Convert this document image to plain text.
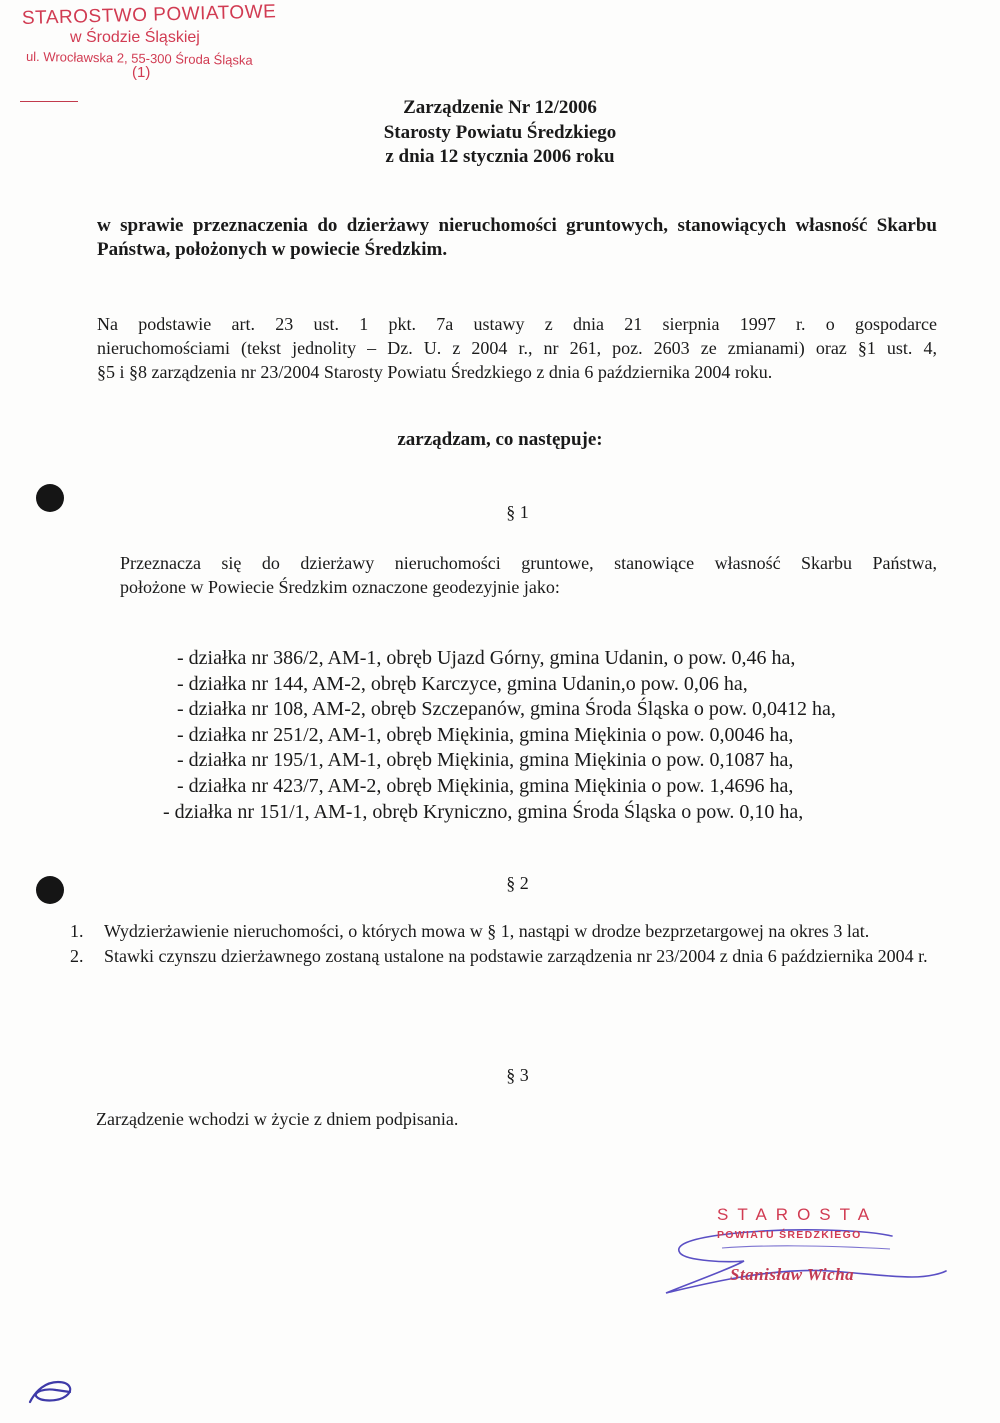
STAROSTWO POWIATOWE
w Środzie Śląskiej
ul. Wrocławska 2, 55-300 Środa Śląska
(1)
Zarządzenie Nr 12/2006
Starosty Powiatu Średzkiego
z dnia 12 stycznia 2006 roku
w sprawie przeznaczenia do dzierżawy nieruchomości gruntowych, stanowiących własność Skarbu Państwa, położonych w powiecie Średzkim.
Na podstawie art. 23 ust. 1 pkt. 7a ustawy z dnia 21 sierpnia 1997 r. o gospodarce
nieruchomościami (tekst jednolity – Dz. U. z 2004 r., nr 261, poz. 2603 ze zmianami) oraz §1 ust. 4,
§5 i §8 zarządzenia nr 23/2004 Starosty Powiatu Średzkiego z dnia 6 października 2004 roku.
zarządzam, co następuje:
§ 1
Przeznacza się do dzierżawy nieruchomości gruntowe, stanowiące własność Skarbu Państwa,
położone w Powiecie Średzkim oznaczone geodezyjnie jako:
- działka nr 386/2, AM-1, obręb Ujazd Górny, gmina Udanin, o pow. 0,46 ha,
- działka nr 144, AM-2, obręb Karczyce, gmina Udanin,o pow. 0,06 ha,
- działka nr 108, AM-2, obręb Szczepanów, gmina Środa Śląska o pow. 0,0412 ha,
- działka nr 251/2, AM-1, obręb Miękinia, gmina Miękinia o pow. 0,0046 ha,
- działka nr 195/1, AM-1, obręb Miękinia, gmina Miękinia o pow. 0,1087 ha,
- działka nr 423/7, AM-2, obręb Miękinia, gmina Miękinia o pow. 1,4696 ha,
- działka nr 151/1, AM-1, obręb Kryniczno, gmina Środa Śląska o pow. 0,10 ha,
§ 2
1. Wydzierżawienie nieruchomości, o których mowa w § 1, nastąpi w drodze bezprzetargowej na okres 3 lat.
2. Stawki czynszu dzierżawnego zostaną ustalone na podstawie zarządzenia nr 23/2004 z dnia 6 października 2004 r.
§ 3
Zarządzenie wchodzi w życie z dniem podpisania.
STAROSTA
POWIATU ŚREDZKIEGO
Stanisław Wicha
